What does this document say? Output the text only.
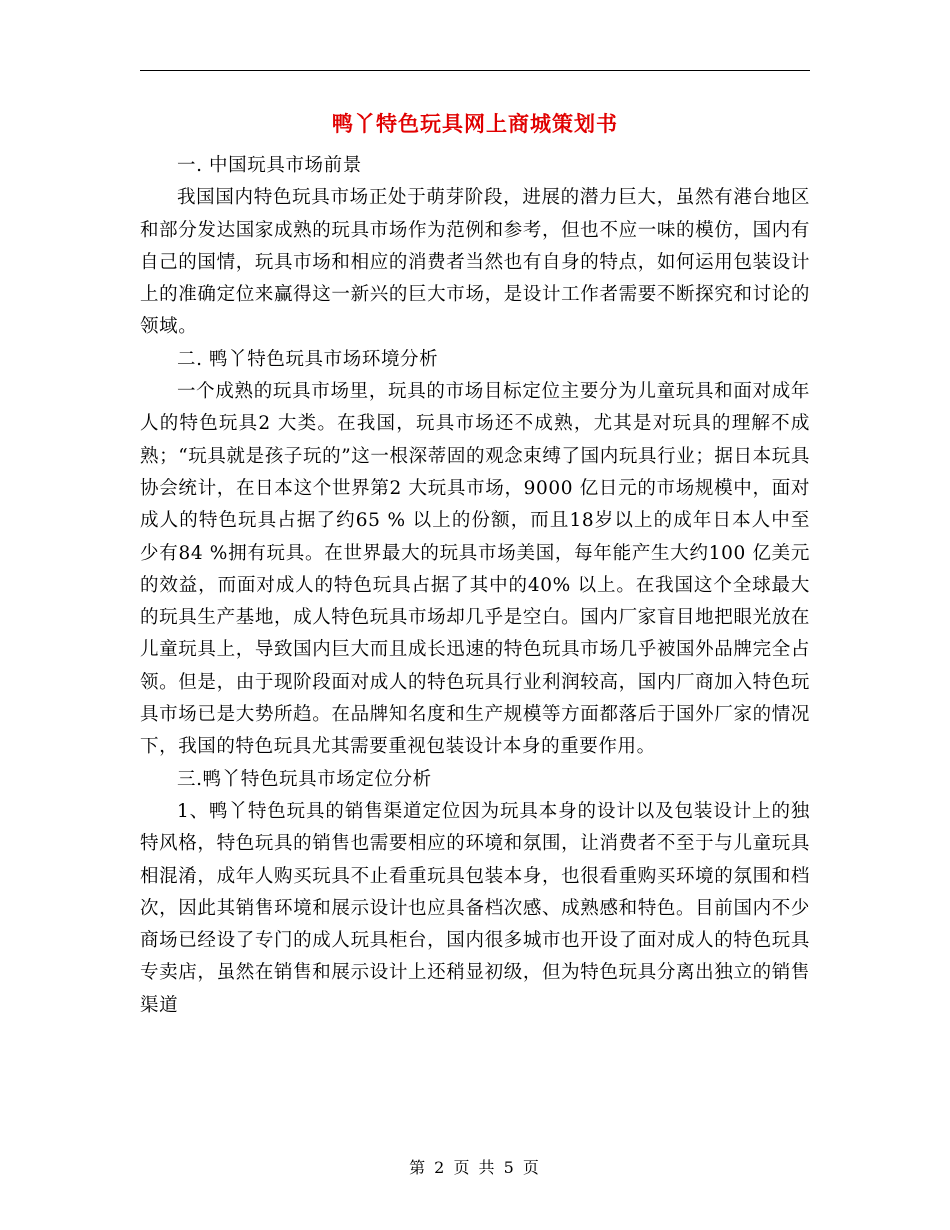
鸭丫特色玩具网上商城策划书

一. 中国玩具市场前景

我国国内特色玩具市场正处于萌芽阶段，进展的潜力巨大，虽然有港台地区和部分发达国家成熟的玩具市场作为范例和参考，但也不应一味的模仿，国内有自己的国情，玩具市场和相应的消费者当然也有自身的特点，如何运用包装设计上的准确定位来赢得这一新兴的巨大市场，是设计工作者需要不断探究和讨论的领域。

二. 鸭丫特色玩具市场环境分析

一个成熟的玩具市场里，玩具的市场目标定位主要分为儿童玩具和面对成年人的特色玩具2 大类。在我国，玩具市场还不成熟，尤其是对玩具的理解不成熟；“玩具就是孩子玩的”这一根深蒂固的观念束缚了国内玩具行业；据日本玩具协会统计，在日本这个世界第2 大玩具市场，9000 亿日元的市场规模中，面对成人的特色玩具占据了约65 % 以上的份额，而且18岁以上的成年日本人中至少有84 %拥有玩具。在世界最大的玩具市场美国，每年能产生大约100 亿美元的效益，而面对成人的特色玩具占据了其中的40% 以上。在我国这个全球最大的玩具生产基地，成人特色玩具市场却几乎是空白。国内厂家盲目地把眼光放在儿童玩具上，导致国内巨大而且成长迅速的特色玩具市场几乎被国外品牌完全占领。但是，由于现阶段面对成人的特色玩具行业利润较高，国内厂商加入特色玩具市场已是大势所趋。在品牌知名度和生产规模等方面都落后于国外厂家的情况下，我国的特色玩具尤其需要重视包装设计本身的重要作用。

三.鸭丫特色玩具市场定位分析

1、鸭丫特色玩具的销售渠道定位因为玩具本身的设计以及包装设计上的独特风格，特色玩具的销售也需要相应的环境和氛围，让消费者不至于与儿童玩具相混淆，成年人购买玩具不止看重玩具包装本身，也很看重购买环境的氛围和档次，因此其销售环境和展示设计也应具备档次感、成熟感和特色。目前国内不少商场已经设了专门的成人玩具柜台，国内很多城市也开设了面对成人的特色玩具专卖店，虽然在销售和展示设计上还稍显初级，但为特色玩具分离出独立的销售渠道

第 2 页 共 5 页
